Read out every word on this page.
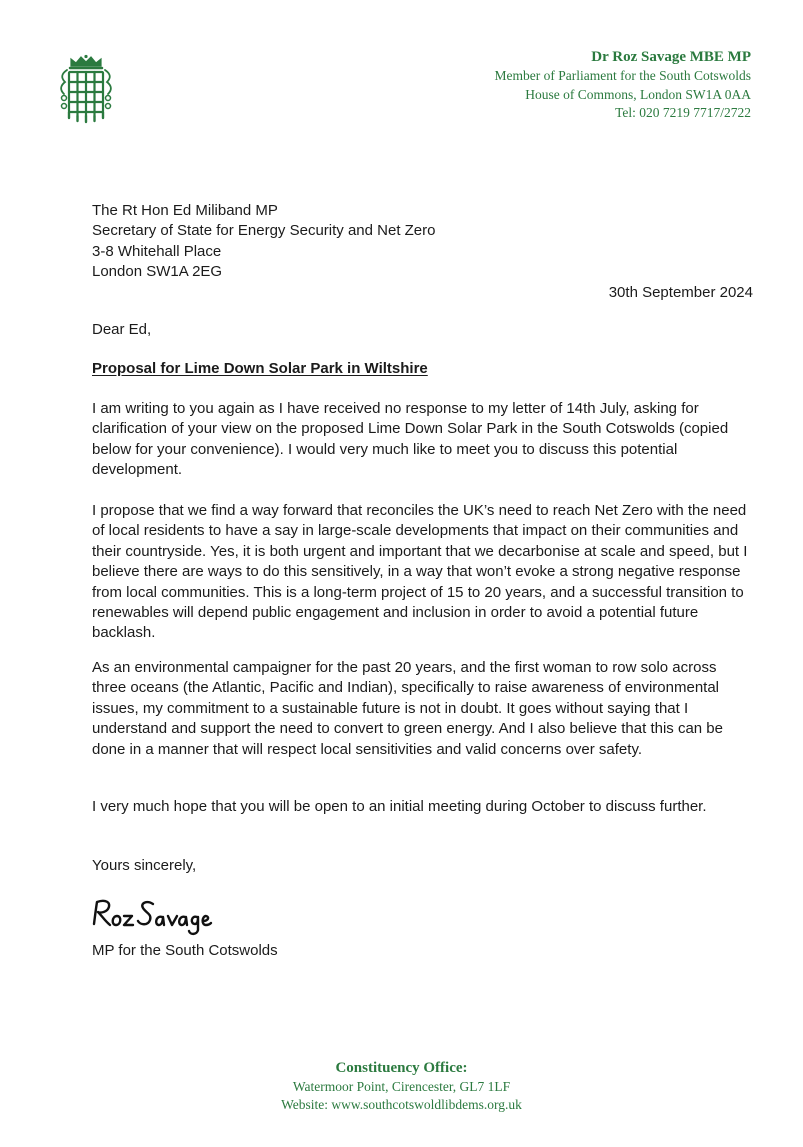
Dr Roz Savage MBE MP
Member of Parliament for the South Cotswolds
House of Commons, London SW1A 0AA
Tel: 020 7219 7717/2722
The Rt Hon Ed Miliband MP
Secretary of State for Energy Security and Net Zero
3-8 Whitehall Place
London SW1A 2EG
30th September 2024
Dear Ed,
Proposal for Lime Down Solar Park in Wiltshire

I am writing to you again as I have received no response to my letter of 14th July, asking for clarification of your view on the proposed Lime Down Solar Park in the South Cotswolds (copied below for your convenience). I would very much like to meet you to discuss this potential development.

I propose that we find a way forward that reconciles the UK’s need to reach Net Zero with the need of local residents to have a say in large-scale developments that impact on their communities and their countryside. Yes, it is both urgent and important that we decarbonise at scale and speed, but I believe there are ways to do this sensitively, in a way that won’t evoke a strong negative response from local communities. This is a long-term project of 15 to 20 years, and a successful transition to renewables will depend public engagement and inclusion in order to avoid a potential future backlash.

As an environmental campaigner for the past 20 years, and the first woman to row solo across three oceans (the Atlantic, Pacific and Indian), specifically to raise awareness of environmental issues, my commitment to a sustainable future is not in doubt. It goes without saying that I understand and support the need to convert to green energy. And I also believe that this can be done in a manner that will respect local sensitivities and valid concerns over safety.

I very much hope that you will be open to an initial meeting during October to discuss further.

Yours sincerely,
MP for the South Cotswolds
Constituency Office:
Watermoor Point, Cirencester, GL7 1LF
Website: www.southcotswoldlibdems.org.uk
